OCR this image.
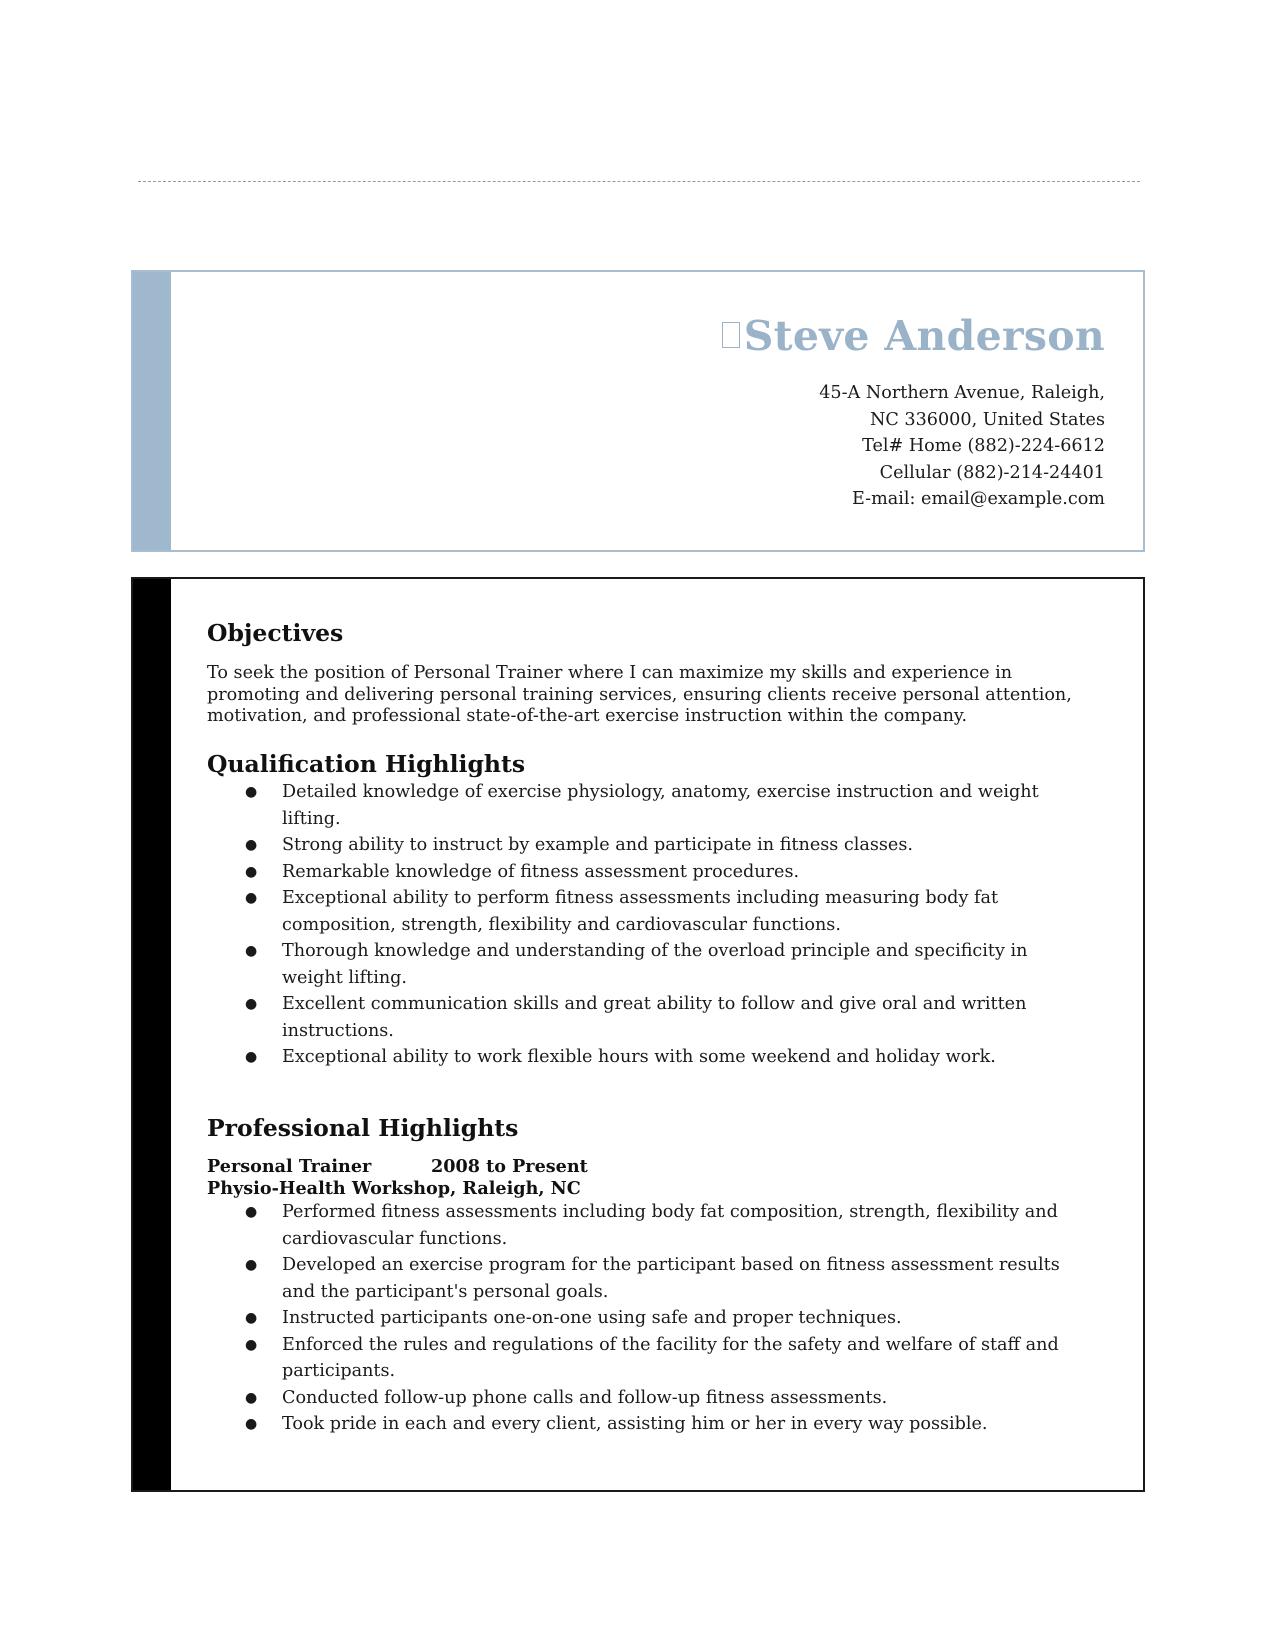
Steve Anderson
45-A Northern Avenue, Raleigh,
NC 336000, United States
Tel# Home (882)-224-6612
Cellular (882)-214-24401
E-mail: email@example.com
Objectives
To seek the position of Personal Trainer where I can maximize my skills and experience in promoting and delivering personal training services, ensuring clients receive personal attention, motivation, and professional state-of-the-art exercise instruction within the company.
Qualification Highlights
● Detailed knowledge of exercise physiology, anatomy, exercise instruction and weight lifting.
● Strong ability to instruct by example and participate in fitness classes.
● Remarkable knowledge of fitness assessment procedures.
● Exceptional ability to perform fitness assessments including measuring body fat composition, strength, flexibility and cardiovascular functions.
● Thorough knowledge and understanding of the overload principle and specificity in weight lifting.
● Excellent communication skills and great ability to follow and give oral and written instructions.
● Exceptional ability to work flexible hours with some weekend and holiday work.
Professional Highlights
Personal Trainer	2008 to Present
Physio-Health Workshop, Raleigh, NC
● Performed fitness assessments including body fat composition, strength, flexibility and cardiovascular functions.
● Developed an exercise program for the participant based on fitness assessment results and the participant's personal goals.
● Instructed participants one-on-one using safe and proper techniques.
● Enforced the rules and regulations of the facility for the safety and welfare of staff and participants.
● Conducted follow-up phone calls and follow-up fitness assessments.
● Took pride in each and every client, assisting him or her in every way possible.
